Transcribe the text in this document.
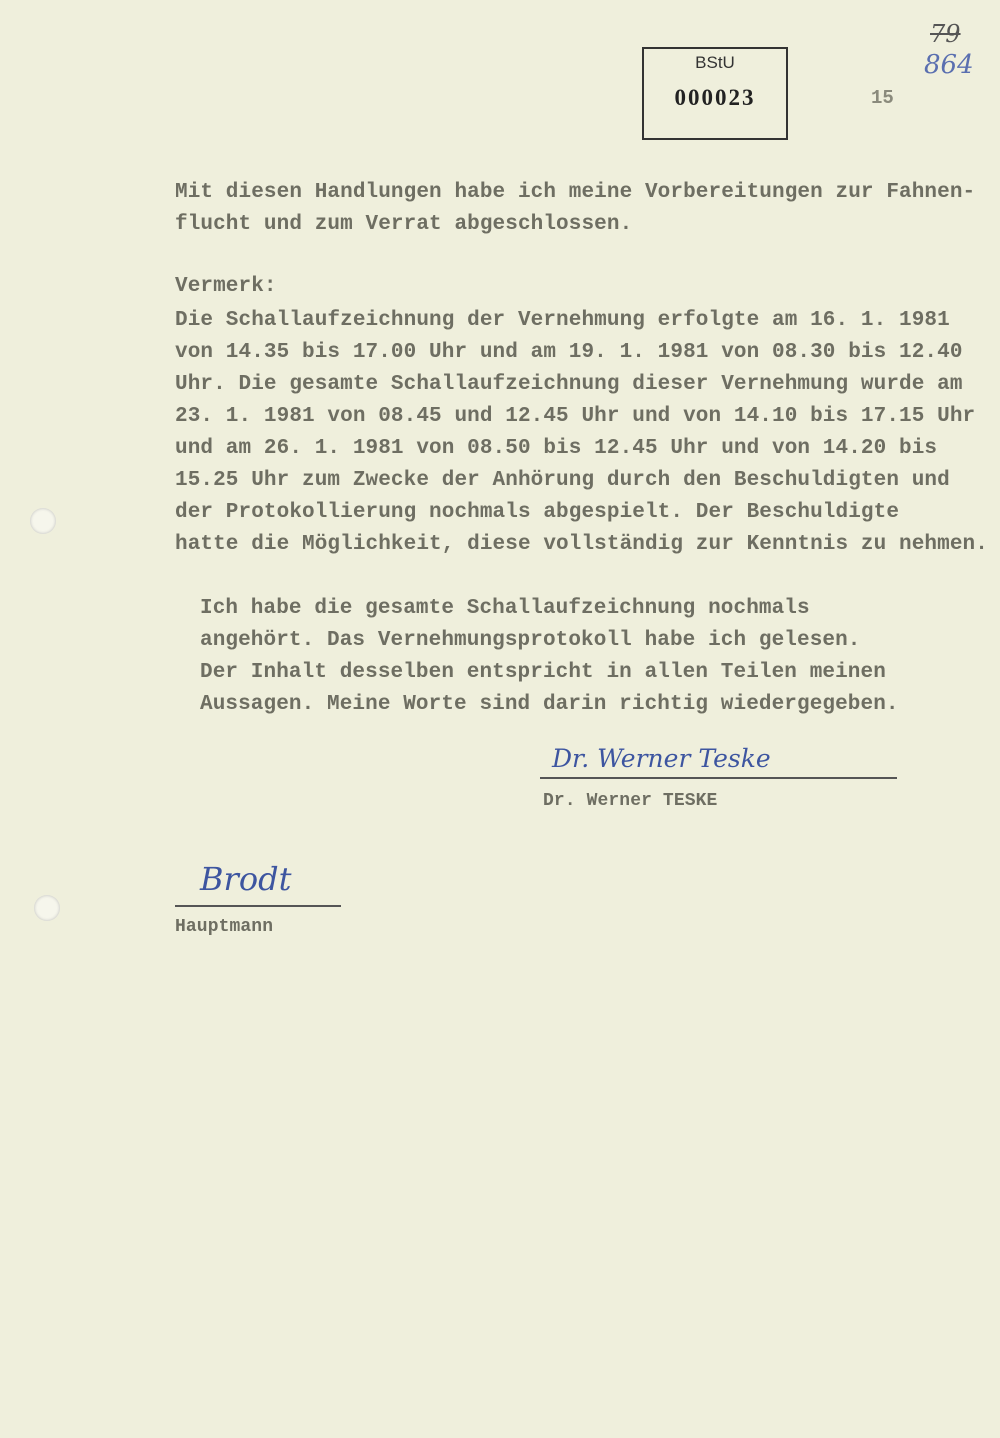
BStU
000023	15
79
864
Mit diesen Handlungen habe ich meine Vorbereitungen zur Fahnen-
flucht und zum Verrat abgeschlossen.
Vermerk:
Die Schallaufzeichnung der Vernehmung erfolgte am 16. 1. 1981
von 14.35 bis 17.00 Uhr und am 19. 1. 1981 von 08.30 bis 12.40
Uhr. Die gesamte Schallaufzeichnung dieser Vernehmung wurde am
23. 1. 1981 von 08.45 und 12.45 Uhr und von 14.10 bis 17.15 Uhr
und am 26. 1. 1981 von 08.50 bis 12.45 Uhr und von 14.20 bis
15.25 Uhr zum Zwecke der Anhörung durch den Beschuldigten und
der Protokollierung nochmals abgespielt. Der Beschuldigte
hatte die Möglichkeit, diese vollständig zur Kenntnis zu nehmen.
Ich habe die gesamte Schallaufzeichnung nochmals
angehört. Das Vernehmungsprotokoll habe ich gelesen.
Der Inhalt desselben entspricht in allen Teilen meinen
Aussagen. Meine Worte sind darin richtig wiedergegeben.
Dr. Werner Teske
Dr. Werner TESKE
Brodt
Hauptmann
